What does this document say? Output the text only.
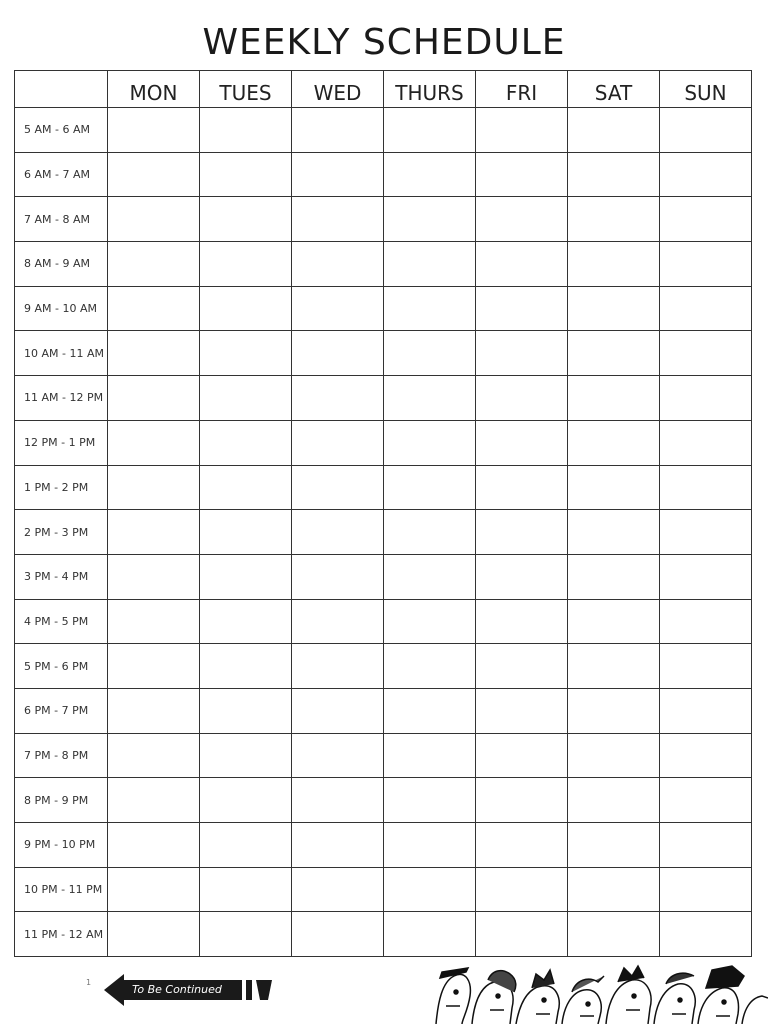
WEEKLY SCHEDULE
	MON	TUES	WED	THURS	FRI	SAT	SUN
5 AM - 6 AM							
6 AM - 7 AM							
7 AM - 8 AM							
8 AM - 9 AM							
9 AM - 10 AM							
10 AM - 11 AM							
11 AM - 12 PM							
12 PM - 1 PM							
1 PM - 2 PM							
2 PM - 3 PM							
3 PM - 4 PM							
4 PM - 5 PM							
5 PM - 6 PM							
6 PM - 7 PM							
7 PM - 8 PM							
8 PM - 9 PM							
9 PM - 10 PM							
10 PM - 11 PM							
11 PM - 12 AM							
1
To Be Continued
